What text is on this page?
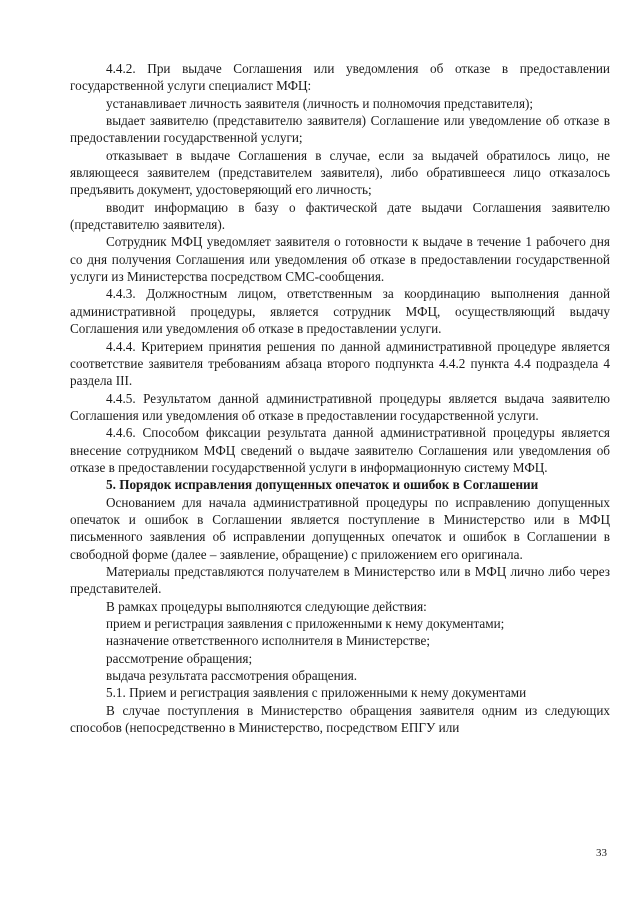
4.4.2. При выдаче Соглашения или уведомления об отказе в предоставлении государственной услуги специалист МФЦ:

устанавливает личность заявителя (личность и полномочия представителя);

выдает заявителю (представителю заявителя) Соглашение или уведомление об отказе в предоставлении государственной услуги;

отказывает в выдаче Соглашения в случае, если за выдачей обратилось лицо, не являющееся заявителем (представителем заявителя), либо обратившееся лицо отказалось предъявить документ, удостоверяющий его личность;

вводит информацию в базу о фактической дате выдачи Соглашения заявителю (представителю заявителя).

Сотрудник МФЦ уведомляет заявителя о готовности к выдаче в течение 1 рабочего дня со дня получения Соглашения или уведомления об отказе в предоставлении государственной услуги из Министерства посредством СМС-сообщения.

4.4.3. Должностным лицом, ответственным за координацию выполнения данной административной процедуры, является сотрудник МФЦ, осуществляющий выдачу Соглашения или уведомления об отказе в предоставлении услуги.

4.4.4. Критерием принятия решения по данной административной процедуре является соответствие заявителя требованиям абзаца второго подпункта 4.4.2 пункта 4.4 подраздела 4 раздела III.

4.4.5. Результатом данной административной процедуры является выдача заявителю Соглашения или уведомления об отказе в предоставлении государственной услуги.

4.4.6. Способом фиксации результата данной административной процедуры является внесение сотрудником МФЦ сведений о выдаче заявителю Соглашения или уведомления об отказе в предоставлении государственной услуги в информационную систему МФЦ.

5. Порядок исправления допущенных опечаток и ошибок в Соглашении

Основанием для начала административной процедуры по исправлению допущенных опечаток и ошибок в Соглашении является поступление в Министерство или в МФЦ письменного заявления об исправлении допущенных опечаток и ошибок в Соглашении в свободной форме (далее – заявление, обращение) с приложением его оригинала.

Материалы представляются получателем в Министерство или в МФЦ лично либо через представителей.

В рамках процедуры выполняются следующие действия:

прием и регистрация заявления с приложенными к нему документами;

назначение ответственного исполнителя в Министерстве;

рассмотрение обращения;

выдача результата рассмотрения обращения.

5.1. Прием и регистрация заявления с приложенными к нему документами

В случае поступления в Министерство обращения заявителя одним из следующих способов (непосредственно в Министерство, посредством ЕПГУ или

33
